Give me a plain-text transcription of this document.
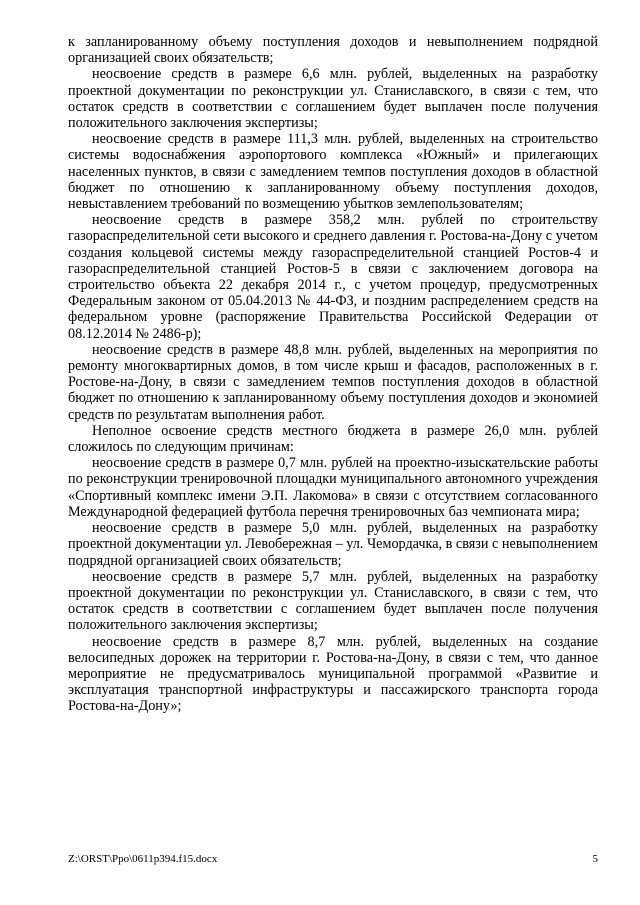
к запланированному объему поступления доходов и невыполнением подрядной организацией своих обязательств;

неосвоение средств в размере 6,6 млн. рублей, выделенных на разработку проектной документации по реконструкции ул. Станиславского, в связи с тем, что остаток средств в соответствии с соглашением будет выплачен после получения положительного заключения экспертизы;

неосвоение средств в размере 111,3 млн. рублей, выделенных на строительство системы водоснабжения аэропортового комплекса «Южный» и прилегающих населенных пунктов, в связи с замедлением темпов поступления доходов в областной бюджет по отношению к запланированному объему поступления доходов, невыставлением требований по возмещению убытков землепользователям;

неосвоение средств в размере 358,2 млн. рублей по строительству газораспределительной сети высокого и среднего давления г. Ростова-на-Дону с учетом создания кольцевой системы между газораспределительной станцией Ростов-4 и газораспределительной станцией Ростов-5 в связи с заключением договора на строительство объекта 22 декабря 2014 г., с учетом процедур, предусмотренных Федеральным законом от 05.04.2013 № 44-ФЗ, и поздним распределением средств на федеральном уровне (распоряжение Правительства Российской Федерации от 08.12.2014 № 2486-р);

неосвоение средств в размере 48,8 млн. рублей, выделенных на мероприятия по ремонту многоквартирных домов, в том числе крыш и фасадов, расположенных в г. Ростове-на-Дону, в связи с замедлением темпов поступления доходов в областной бюджет по отношению к запланированному объему поступления доходов и экономией средств по результатам выполнения работ.

Неполное освоение средств местного бюджета в размере 26,0 млн. рублей сложилось по следующим причинам:

неосвоение средств в размере 0,7 млн. рублей на проектно-изыскательские работы по реконструкции тренировочной площадки муниципального автономного учреждения «Спортивный комплекс имени Э.П. Лакомова» в связи с отсутствием согласованного Международной федерацией футбола перечня тренировочных баз чемпионата мира;

неосвоение средств в размере 5,0 млн. рублей, выделенных на разработку проектной документации ул. Левобережная – ул. Чемордачка, в связи с невыполнением подрядной организацией своих обязательств;

неосвоение средств в размере 5,7 млн. рублей, выделенных на разработку проектной документации по реконструкции ул. Станиславского, в связи с тем, что остаток средств в соответствии с соглашением будет выплачен после получения положительного заключения экспертизы;

неосвоение средств в размере 8,7 млн. рублей, выделенных на создание велосипедных дорожек на территории г. Ростова-на-Дону, в связи с тем, что данное мероприятие не предусматривалось муниципальной программой «Развитие и эксплуатация транспортной инфраструктуры и пассажирского транспорта города Ростова-на-Дону»;

Z:\ORST\Ppo\0611p394.f15.docx	5
